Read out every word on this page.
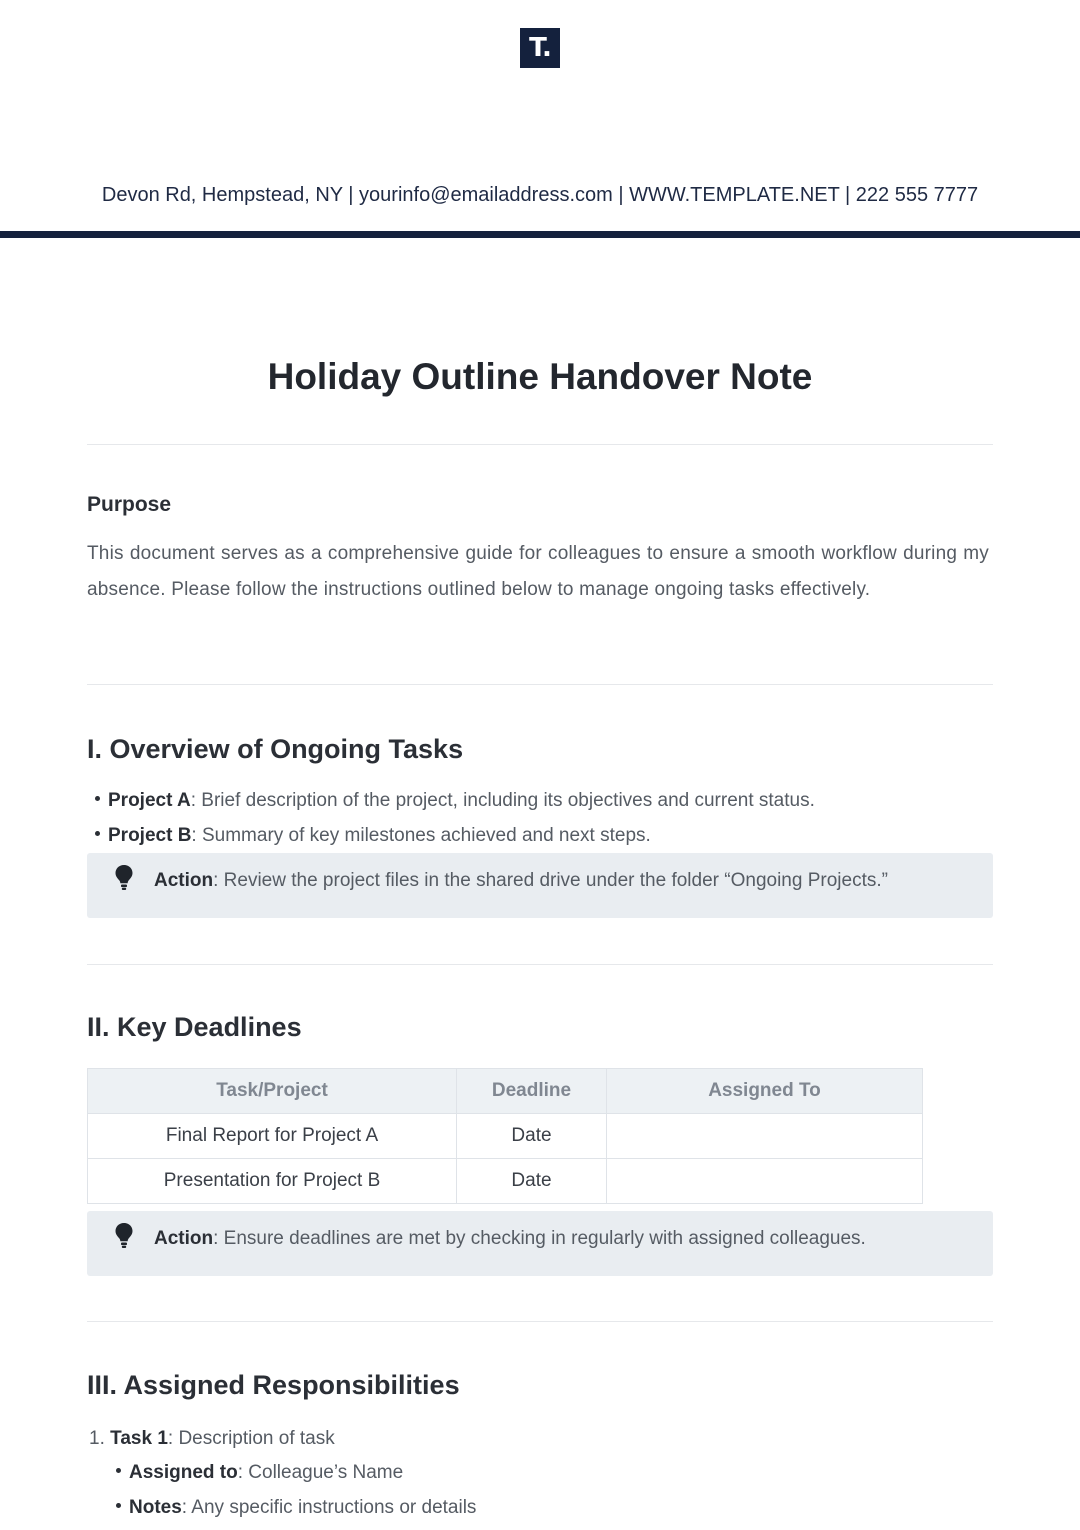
T.
Devon Rd, Hempstead, NY | yourinfo@emailaddress.com | WWW.TEMPLATE.NET | 222 555 7777
Holiday Outline Handover Note
Purpose
This document serves as a comprehensive guide for colleagues to ensure a smooth workflow during my absence. Please follow the instructions outlined below to manage ongoing tasks effectively.
I. Overview of Ongoing Tasks
Project A: Brief description of the project, including its objectives and current status.
Project B: Summary of key milestones achieved and next steps.
Action: Review the project files in the shared drive under the folder “Ongoing Projects.”
II. Key Deadlines
Task/Project	Deadline	Assigned To
Final Report for Project A	Date	
Presentation for Project B	Date	
Action: Ensure deadlines are met by checking in regularly with assigned colleagues.
III. Assigned Responsibilities
1. Task 1: Description of task
Assigned to: Colleague’s Name
Notes: Any specific instructions or details
